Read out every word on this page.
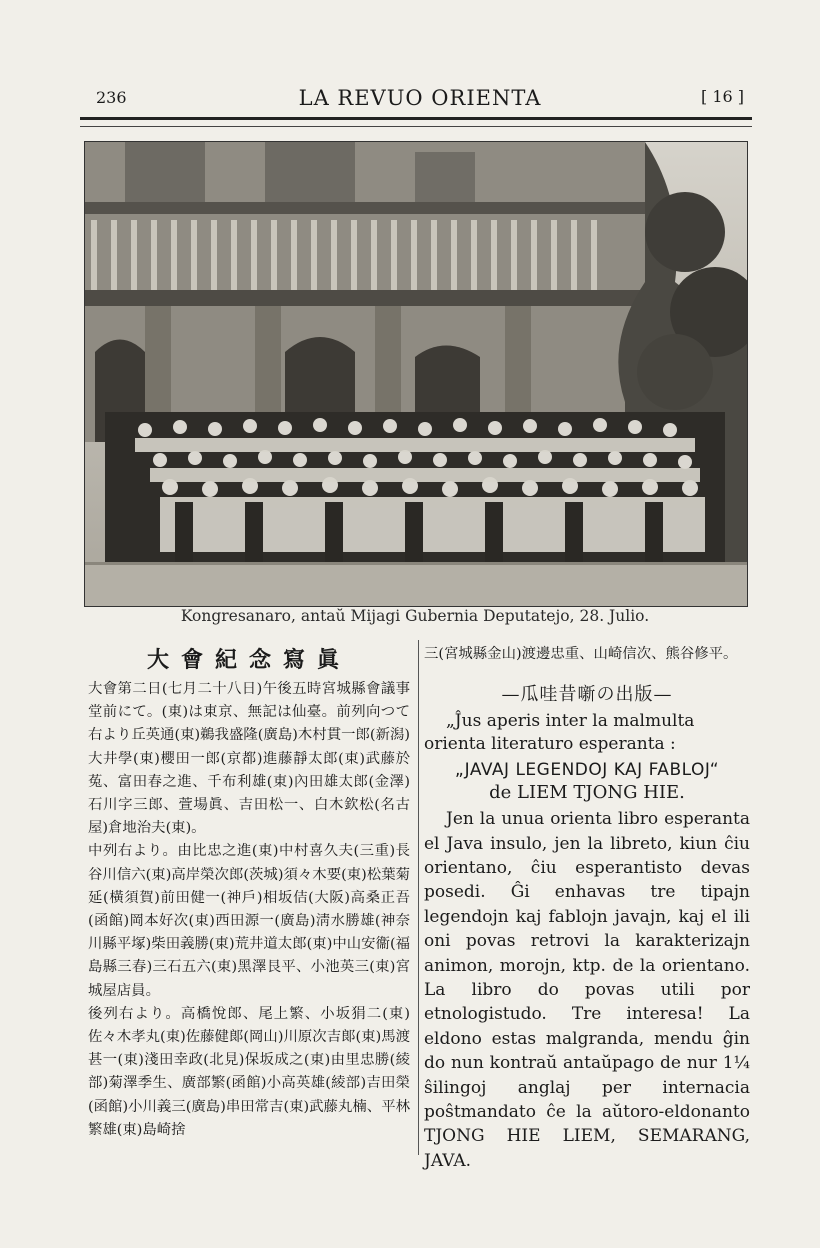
236	LA REVUO ORIENTA	[ 16 ]
Kongresanaro, antaŭ Mijagi Gubernia Deputatejo, 28. Julio.
大會紀念寫眞

大會第二日(七月二十八日)午後五時宮城縣會議事堂前にて。(東)は東京、無記は仙臺。前列向つて右より丘英通(東)鵜我盛隆(廣島)木村貫一郎(新潟)大井學(東)櫻田一郎(京都)進藤靜太郎(東)武藤於菟、富田春之進、千布利雄(東)內田雄太郎(金澤)石川字三郎、萱場眞、吉田松一、白木欽松(名古屋)倉地治夫(東)。

中列右より。由比忠之進(東)中村喜久夫(三重)長谷川信六(東)高岸榮次郎(茨城)須々木要(東)松葉菊延(橫須賀)前田健一(神戶)相坂佶(大阪)高桑正吾(函館)岡本好次(東)西田源一(廣島)淸水勝雄(神奈川縣平塚)柴田義勝(東)荒井道太郎(東)中山安衞(福島縣三春)三石五六(東)黑澤艮平、小池英三(東)宮城屋店員。

後列右より。高橋悅郎、尾上繁、小坂狷二(東)佐々木孝丸(東)佐藤健郞(岡山)川原次吉郞(東)馬渡甚一(東)淺田幸政(北見)保坂成之(東)由里忠勝(綾部)菊澤季生、廣部繁(函館)小高英雄(綾部)吉田榮(函館)小川義三(廣島)串田常吉(東)武藤丸楠、平林繁雄(東)島崎捨

三(宮城縣金山)渡邊忠重、山崎信次、熊谷修平。

—瓜哇昔噺の出版—

„Ĵus aperis inter la malmulta orienta literaturo esperanta :

„JAVAJ LEGENDOJ KAJ FABLOJ“
de LIEM TJONG HIE.

Jen la unua orienta libro esperanta el Java insulo, jen la libreto, kiun ĉiu orientano, ĉiu esperantisto devas posedi. Ĝi enhavas tre tipajn legendojn kaj fablojn javajn, kaj el ili oni povas retrovi la karakterizajn animon, morojn, ktp. de la orientano. La libro do povas utili por etnologistudo. Tre interesa! La eldono estas malgranda, mendu ĝin do nun kontraŭ antaŭpago de nur 1¼ ŝilingoj anglaj per internacia poŝtmandato ĉe la aŭtoro-eldonanto TJONG HIE LIEM, SEMARANG, JAVA.
